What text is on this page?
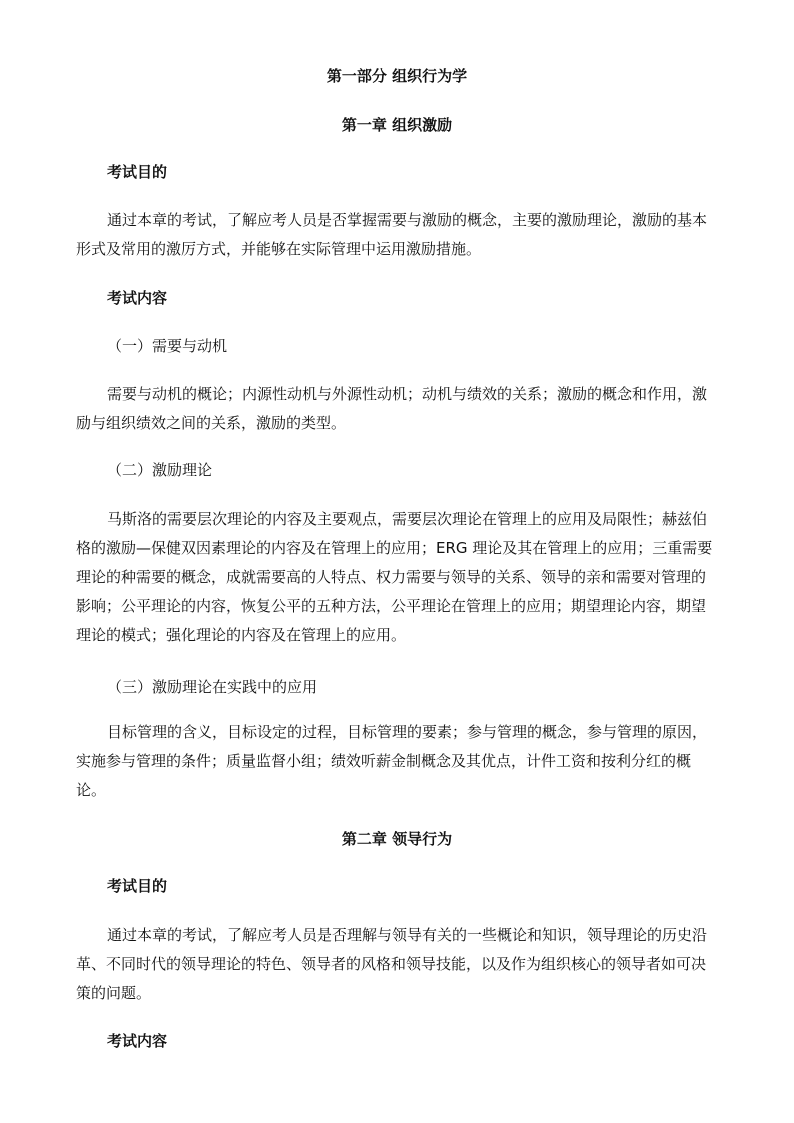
第一部分 组织行为学
第一章 组织激励
考试目的
通过本章的考试，了解应考人员是否掌握需要与激励的概念，主要的激励理论，激励的基本形式及常用的激厉方式，并能够在实际管理中运用激励措施。
考试内容
（一）需要与动机
需要与动机的概论；内源性动机与外源性动机；动机与绩效的关系；激励的概念和作用，激励与组织绩效之间的关系，激励的类型。
（二）激励理论
马斯洛的需要层次理论的内容及主要观点，需要层次理论在管理上的应用及局限性；赫兹伯格的激励—保健双因素理论的内容及在管理上的应用；ERG 理论及其在管理上的应用；三重需要理论的种需要的概念，成就需要高的人特点、权力需要与领导的关系、领导的亲和需要对管理的影响；公平理论的内容，恢复公平的五种方法，公平理论在管理上的应用；期望理论内容，期望理论的模式；强化理论的内容及在管理上的应用。
（三）激励理论在实践中的应用
目标管理的含义，目标设定的过程，目标管理的要素；参与管理的概念，参与管理的原因，实施参与管理的条件；质量监督小组；绩效听薪金制概念及其优点，计件工资和按利分红的概论。
第二章 领导行为
考试目的
通过本章的考试，了解应考人员是否理解与领导有关的一些概论和知识，领导理论的历史沿革、不同时代的领导理论的特色、领导者的风格和领导技能，以及作为组织核心的领导者如可决策的问题。
考试内容
